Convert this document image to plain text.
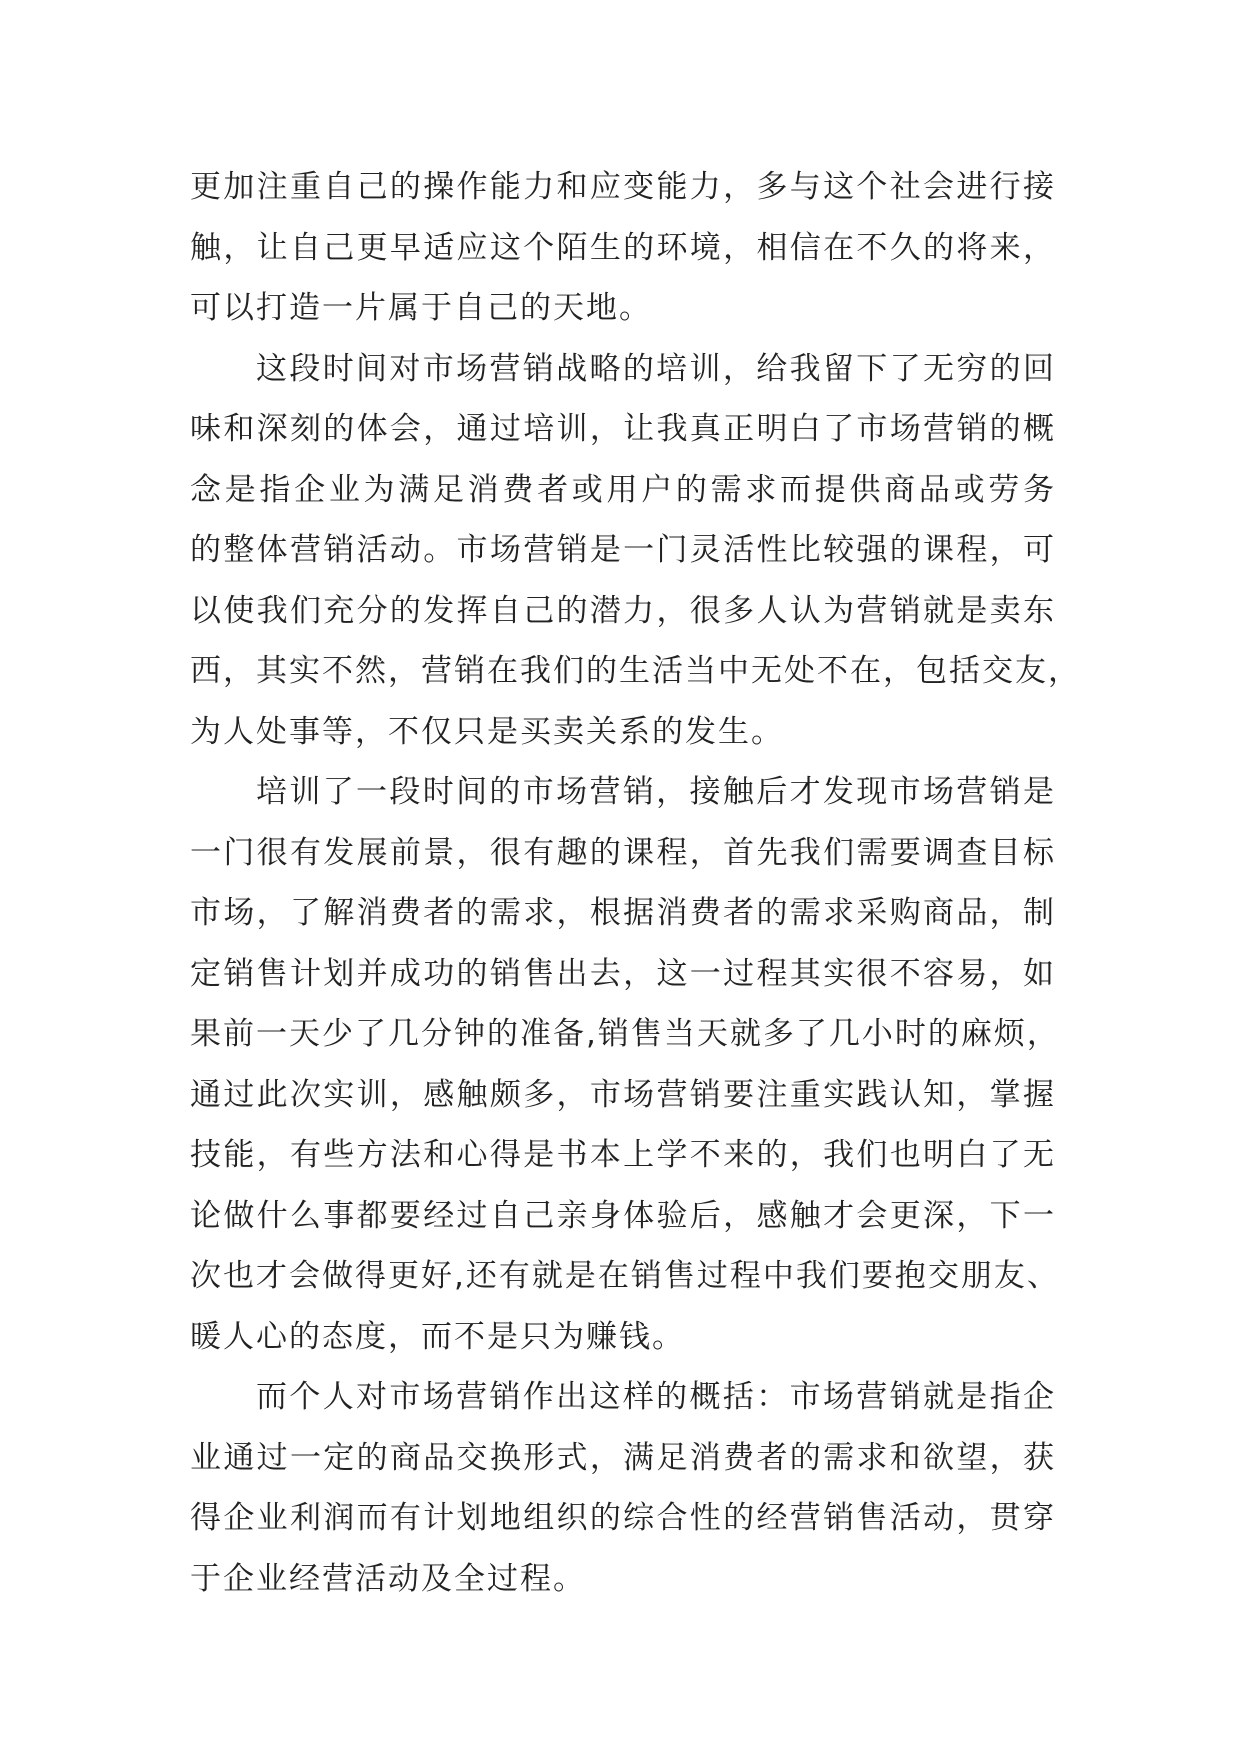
更加注重自己的操作能力和应变能力，多与这个社会进行接
触，让自己更早适应这个陌生的环境，相信在不久的将来，
可以打造一片属于自己的天地。
这段时间对市场营销战略的培训，给我留下了无穷的回
味和深刻的体会，通过培训，让我真正明白了市场营销的概
念是指企业为满足消费者或用户的需求而提供商品或劳务
的整体营销活动。市场营销是一门灵活性比较强的课程，可
以使我们充分的发挥自己的潜力，很多人认为营销就是卖东
西，其实不然，营销在我们的生活当中无处不在，包括交友，
为人处事等，不仅只是买卖关系的发生。
培训了一段时间的市场营销，接触后才发现市场营销是
一门很有发展前景，很有趣的课程，首先我们需要调查目标
市场，了解消费者的需求，根据消费者的需求采购商品，制
定销售计划并成功的销售出去，这一过程其实很不容易，如
果前一天少了几分钟的准备,销售当天就多了几小时的麻烦，
通过此次实训，感触颇多，市场营销要注重实践认知，掌握
技能，有些方法和心得是书本上学不来的，我们也明白了无
论做什么事都要经过自己亲身体验后，感触才会更深，下一
次也才会做得更好,还有就是在销售过程中我们要抱交朋友、
暖人心的态度，而不是只为赚钱。
而个人对市场营销作出这样的概括：市场营销就是指企
业通过一定的商品交换形式，满足消费者的需求和欲望，获
得企业利润而有计划地组织的综合性的经营销售活动，贯穿
于企业经营活动及全过程。
